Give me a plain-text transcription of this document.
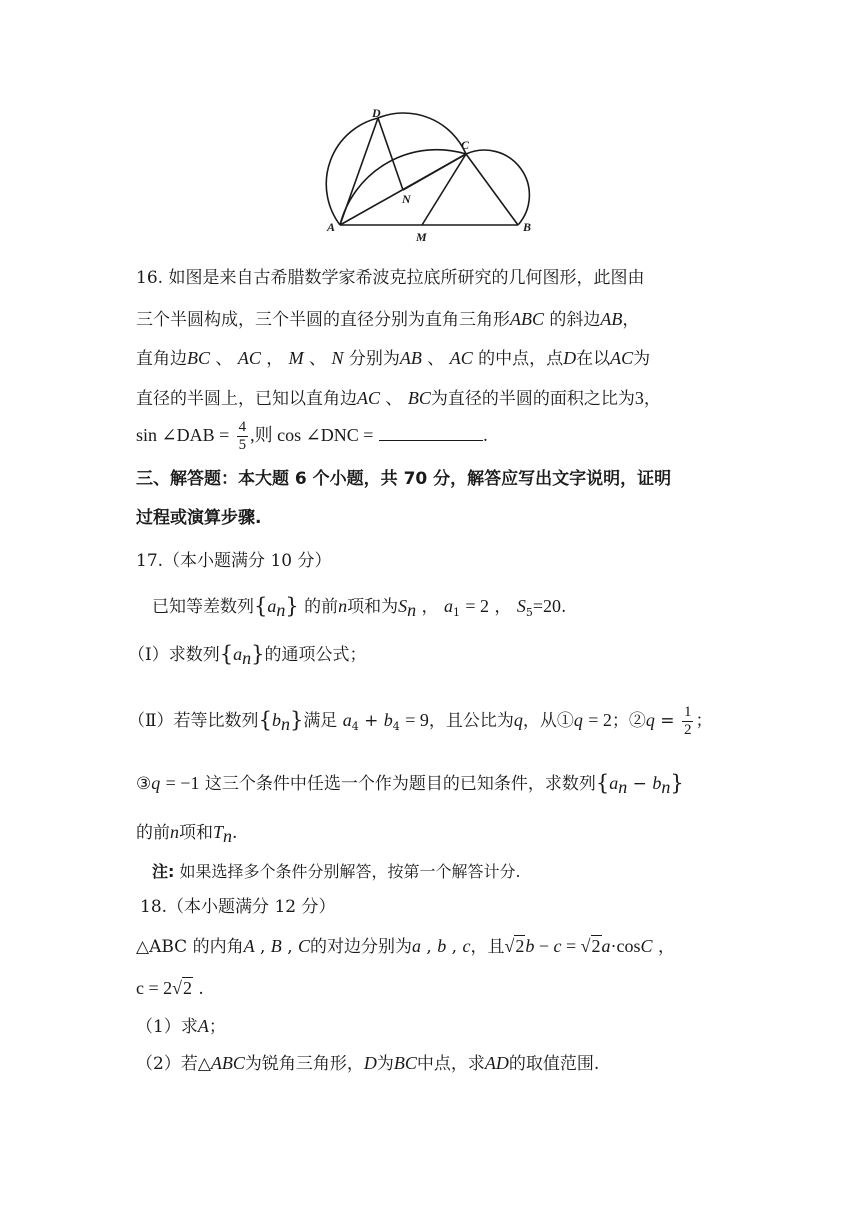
A	B
C
D
M
N
16. 如图是来自古希腊数学家希波克拉底所研究的几何图形，此图由
三个半圆构成，三个半圆的直径分别为直角三角形ABC 的斜边AB，
直角边BC 、 AC ， M 、 N 分别为AB 、 AC 的中点，点D在以AC为
直径的半圆上，已知以直角边AC 、 BC为直径的半圆的面积之比为3，
sin ∠DAB = $\frac{4}{5}$ ,则 cos ∠DNC =	.
三、解答题：本大题 6 个小题，共 70 分，解答应写出文字说明，证明
过程或演算步骤.
17.（本小题满分 10 分）
已知等差数列$\{a_n\}$ 的前n项和为$S_n$ ， $a_1 = 2$ ， $S_5=20$.
（Ⅰ）求数列$\{a_n\}$的通项公式；
（Ⅱ）若等比数列$\{b_n\}$满足 $a_4 + b_4 = 9$，且公比为q，从①q = 2；②q = $\frac{1}{2}$ ；
③q = −1 这三个条件中任选一个作为题目的已知条件，求数列$\{a_n - b_n\}$
的前n项和$T_n$.
注: 如果选择多个条件分别解答，按第一个解答计分.
18.（本小题满分 12 分）
△ABC 的内角A , B , C的对边分别为a , b , c，且√2b − c = √2a·cosC ，
c = 2√2 .
（1）求A；
（2）若△ABC为锐角三角形，D为BC中点，求AD的取值范围.
